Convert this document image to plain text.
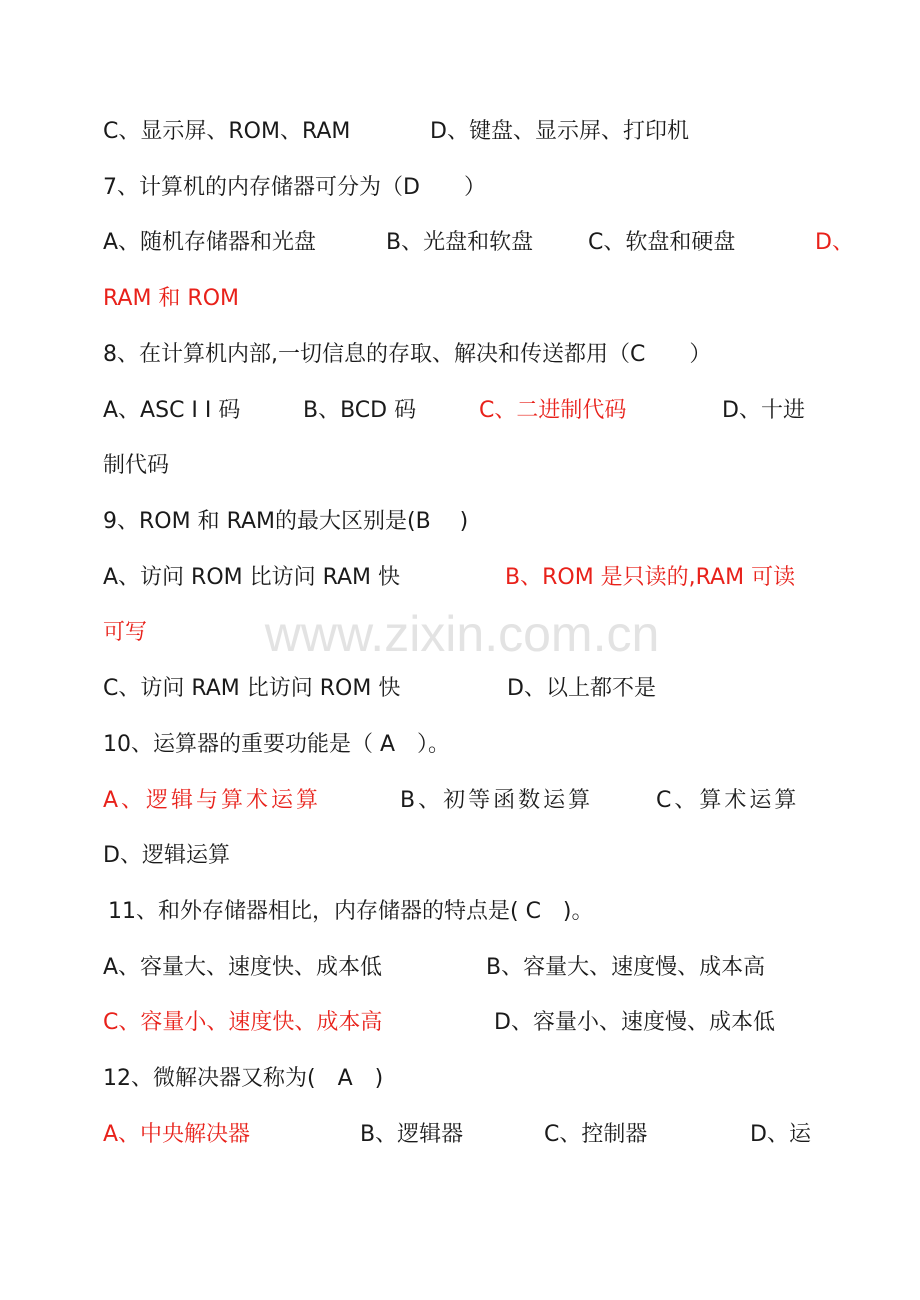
C、显示屏、ROM、RAM	D、键盘、显示屏、打印机
7、计算机的内存储器可分为（D　　）
A、随机存储器和光盘	B、光盘和软盘 C、软盘和硬盘	D、
RAM 和 ROM
8、在计算机内部,一切信息的存取、解决和传送都用（C　　）
A、ASC I I 码	B、BCD 码	C、二进制代码	D、十进
制代码
9、ROM 和 RAM的最大区别是(B　 )
A、访问 ROM 比访问 RAM 快	B、ROM 是只读的,RAM 可读
可写
C、访问 RAM 比访问 ROM 快	D、以上都不是
10、运算器的重要功能是（ A　）。
A、逻辑与算术运算	B、初等函数运算	C、算术运算
D、逻辑运算
11、和外存储器相比，内存储器的特点是( C　)。
A、容量大、速度快、成本低	B、容量大、速度慢、成本高
C、容量小、速度快、成本高	D、容量小、速度慢、成本低
12、微解决器又称为(　A　)
A、中央解决器	B、逻辑器	C、控制器	D、运
www.zixin.com.cn
